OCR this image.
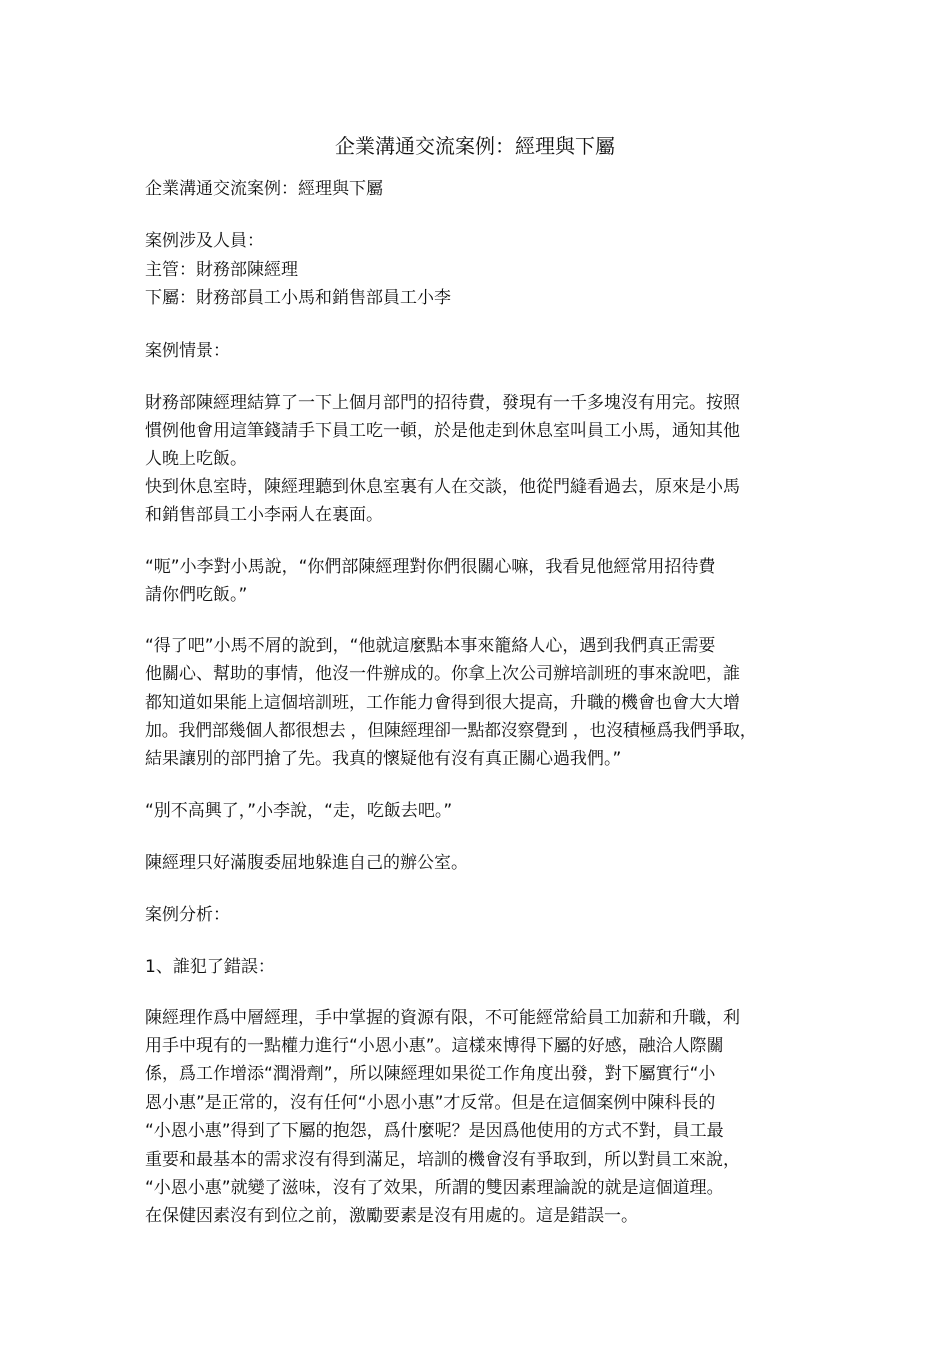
企業溝通交流案例：經理與下屬
企業溝通交流案例：經理與下屬
案例涉及人員：
主管：財務部陳經理
下屬：財務部員工小馬和銷售部員工小李
案例情景：
財務部陳經理結算了一下上個月部門的招待費，發現有一千多塊沒有用完。按照
慣例他會用這筆錢請手下員工吃一頓，於是他走到休息室叫員工小馬，通知其他
人晚上吃飯。
快到休息室時，陳經理聽到休息室裏有人在交談，他從門縫看過去，原來是小馬
和銷售部員工小李兩人在裏面。
“呃”小李對小馬說，“你們部陳經理對你們很關心嘛，我看見他經常用招待費
請你們吃飯。”
“得了吧”小馬不屑的說到，“他就這麼點本事來籠絡人心，遇到我們真正需要
他關心、幫助的事情，他沒一件辦成的。你拿上次公司辦培訓班的事來說吧，誰
都知道如果能上這個培訓班，工作能力會得到很大提高，升職的機會也會大大增
加。我們部幾個人都很想去 ，但陳經理卻一點都沒察覺到 ，也沒積極爲我們爭取，
結果讓別的部門搶了先。我真的懷疑他有沒有真正關心過我們。”
“別不高興了，”小李說，“走，吃飯去吧。”
陳經理只好滿腹委屈地躲進自己的辦公室。
案例分析：
1、誰犯了錯誤：
陳經理作爲中層經理，手中掌握的資源有限，不可能經常給員工加薪和升職，利
用手中現有的一點權力進行“小恩小惠”。這樣來博得下屬的好感，融洽人際關
係，爲工作增添“潤滑劑”，所以陳經理如果從工作角度出發，對下屬實行“小
恩小惠”是正常的，沒有任何“小恩小惠”才反常。但是在這個案例中陳科長的
“小恩小惠”得到了下屬的抱怨，爲什麼呢？是因爲他使用的方式不對，員工最
重要和最基本的需求沒有得到滿足，培訓的機會沒有爭取到，所以對員工來說，
“小恩小惠”就變了滋味，沒有了效果，所謂的雙因素理論說的就是這個道理。
在保健因素沒有到位之前，激勵要素是沒有用處的。這是錯誤一。
